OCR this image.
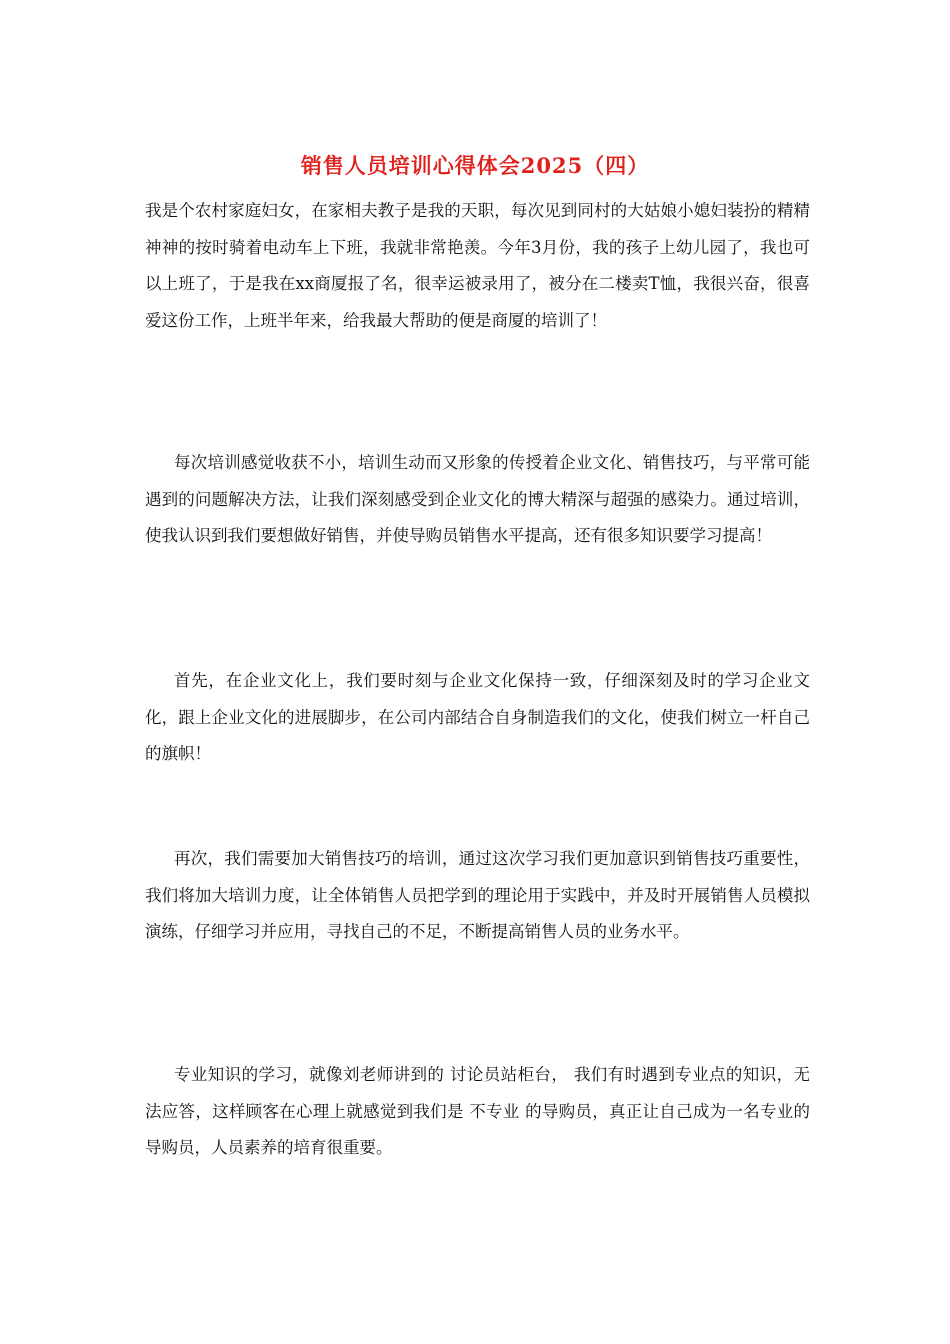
销售人员培训心得体会2025（四）

我是个农村家庭妇女，在家相夫教子是我的天职，每次见到同村的大姑娘小媳妇装扮的精精神神的按时骑着电动车上下班，我就非常艳羡。今年3月份，我的孩子上幼儿园了，我也可以上班了，于是我在xx商厦报了名，很幸运被录用了，被分在二楼卖T恤，我很兴奋，很喜爱这份工作，上班半年来，给我最大帮助的便是商厦的培训了！

每次培训感觉收获不小，培训生动而又形象的传授着企业文化、销售技巧，与平常可能遇到的问题解决方法，让我们深刻感受到企业文化的博大精深与超强的感染力。通过培训，使我认识到我们要想做好销售，并使导购员销售水平提高，还有很多知识要学习提高！

首先，在企业文化上，我们要时刻与企业文化保持一致，仔细深刻及时的学习企业文化，跟上企业文化的进展脚步，在公司内部结合自身制造我们的文化，使我们树立一杆自己的旗帜！

再次，我们需要加大销售技巧的培训，通过这次学习我们更加意识到销售技巧重要性，我们将加大培训力度，让全体销售人员把学到的理论用于实践中，并及时开展销售人员模拟演练，仔细学习并应用，寻找自己的不足，不断提高销售人员的业务水平。

专业知识的学习，就像刘老师讲到的 讨论员站柜台， 我们有时遇到专业点的知识，无法应答，这样顾客在心理上就感觉到我们是 不专业 的导购员，真正让自己成为一名专业的导购员，人员素养的培育很重要。
